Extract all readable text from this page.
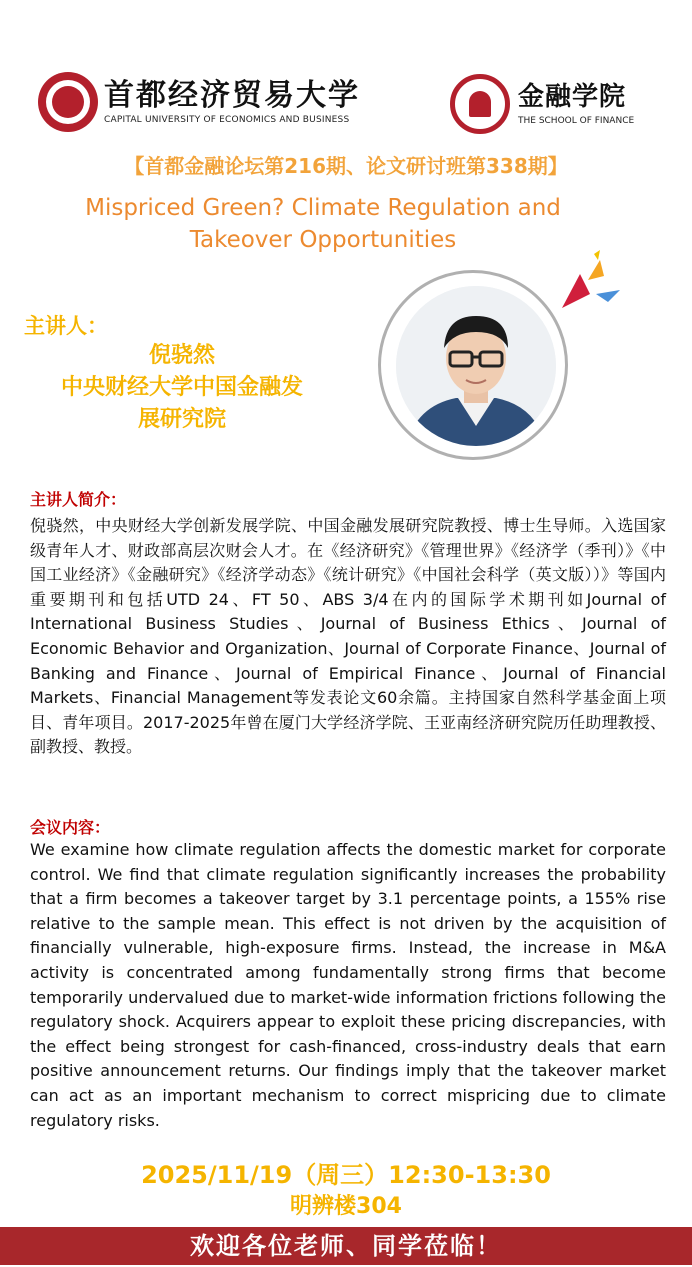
首都经济贸易大学
CAPITAL UNIVERSITY OF ECONOMICS AND BUSINESS
金融学院
THE SCHOOL OF FINANCE
【首都金融论坛第216期、论文研讨班第338期】
Mispriced Green? Climate Regulation and
Takeover Opportunities
主讲人：
倪骁然
中央财经大学中国金融发
展研究院
主讲人简介：
倪骁然，中央财经大学创新发展学院、中国金融发展研究院教授、博士生导师。入选国家级青年人才、财政部高层次财会人才。在《经济研究》《管理世界》《经济学（季刊）》《中国工业经济》《金融研究》《经济学动态》《统计研究》《中国社会科学（英文版））》等国内重要期刊和包括UTD 24、FT 50、ABS 3/4在内的国际学术期刊如Journal of International Business Studies、Journal of Business Ethics、Journal of Economic Behavior and Organization、Journal of Corporate Finance、Journal of Banking and Finance、Journal of Empirical Finance、Journal of Financial Markets、Financial Management等发表论文60余篇。主持国家自然科学基金面上项目、青年项目。2017-2025年曾在厦门大学经济学院、王亚南经济研究院历任助理教授、副教授、教授。
会议内容：
We examine how climate regulation affects the domestic market for corporate control. We find that climate regulation significantly increases the probability that a firm becomes a takeover target by 3.1 percentage points, a 155% rise relative to the sample mean. This effect is not driven by the acquisition of financially vulnerable, high-exposure firms. Instead, the increase in M&A activity is concentrated among fundamentally strong firms that become temporarily undervalued due to market-wide information frictions following the regulatory shock. Acquirers appear to exploit these pricing discrepancies, with the effect being strongest for cash-financed, cross-industry deals that earn positive announcement returns. Our findings imply that the takeover market can act as an important mechanism to correct mispricing due to climate regulatory risks.
2025/11/19（周三）12:30-13:30
明辨楼304
欢迎各位老师、同学莅临！
